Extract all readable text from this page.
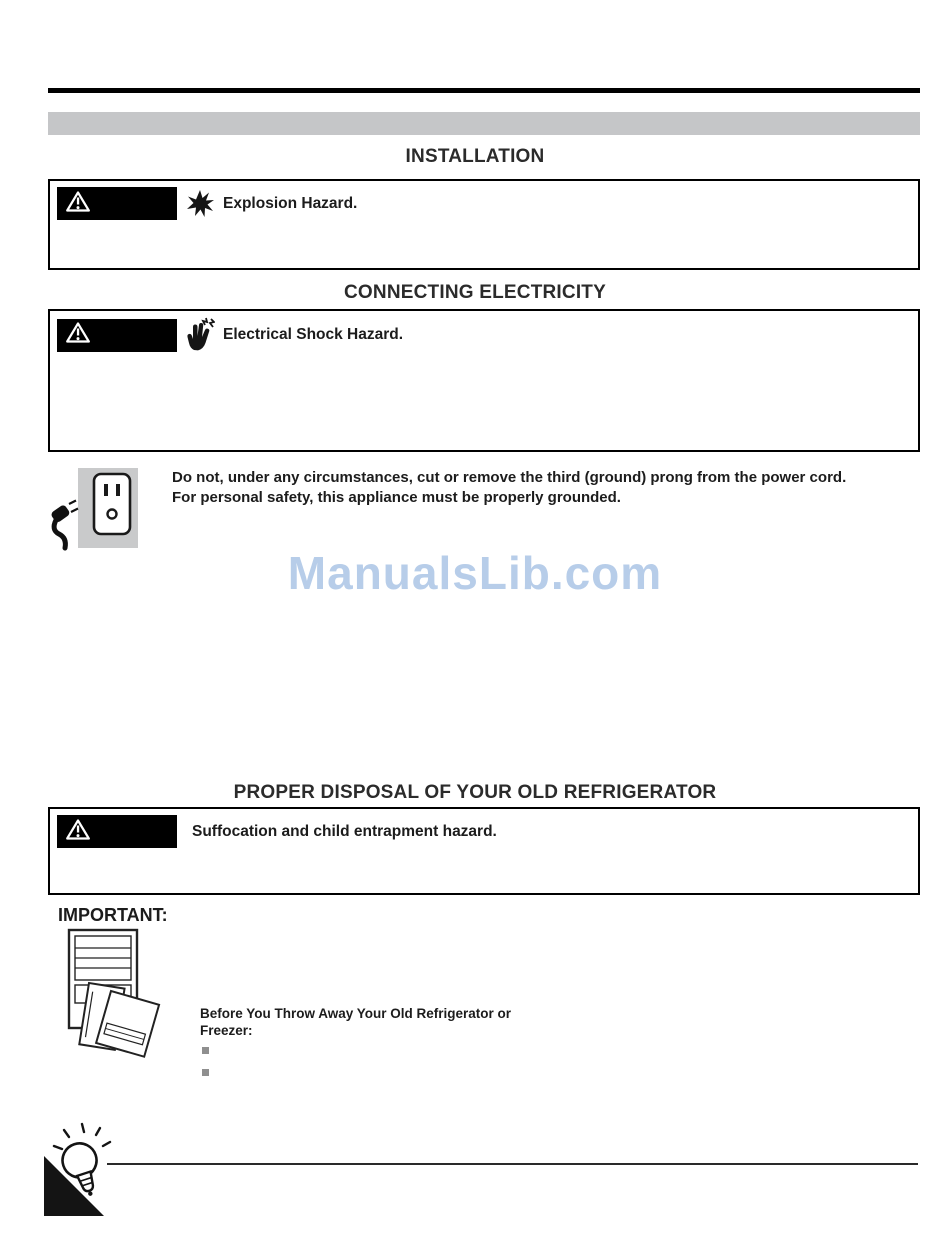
INSTALLATION
Explosion Hazard.
CONNECTING ELECTRICITY
Electrical Shock Hazard.
Do not, under any circumstances, cut or remove the third (ground) prong from the power cord.
For personal safety, this appliance must be properly grounded.
ManualsLib.com
PROPER DISPOSAL OF YOUR OLD REFRIGERATOR
Suffocation and child entrapment hazard.
IMPORTANT:
Before You Throw Away Your Old Refrigerator or
Freezer:
